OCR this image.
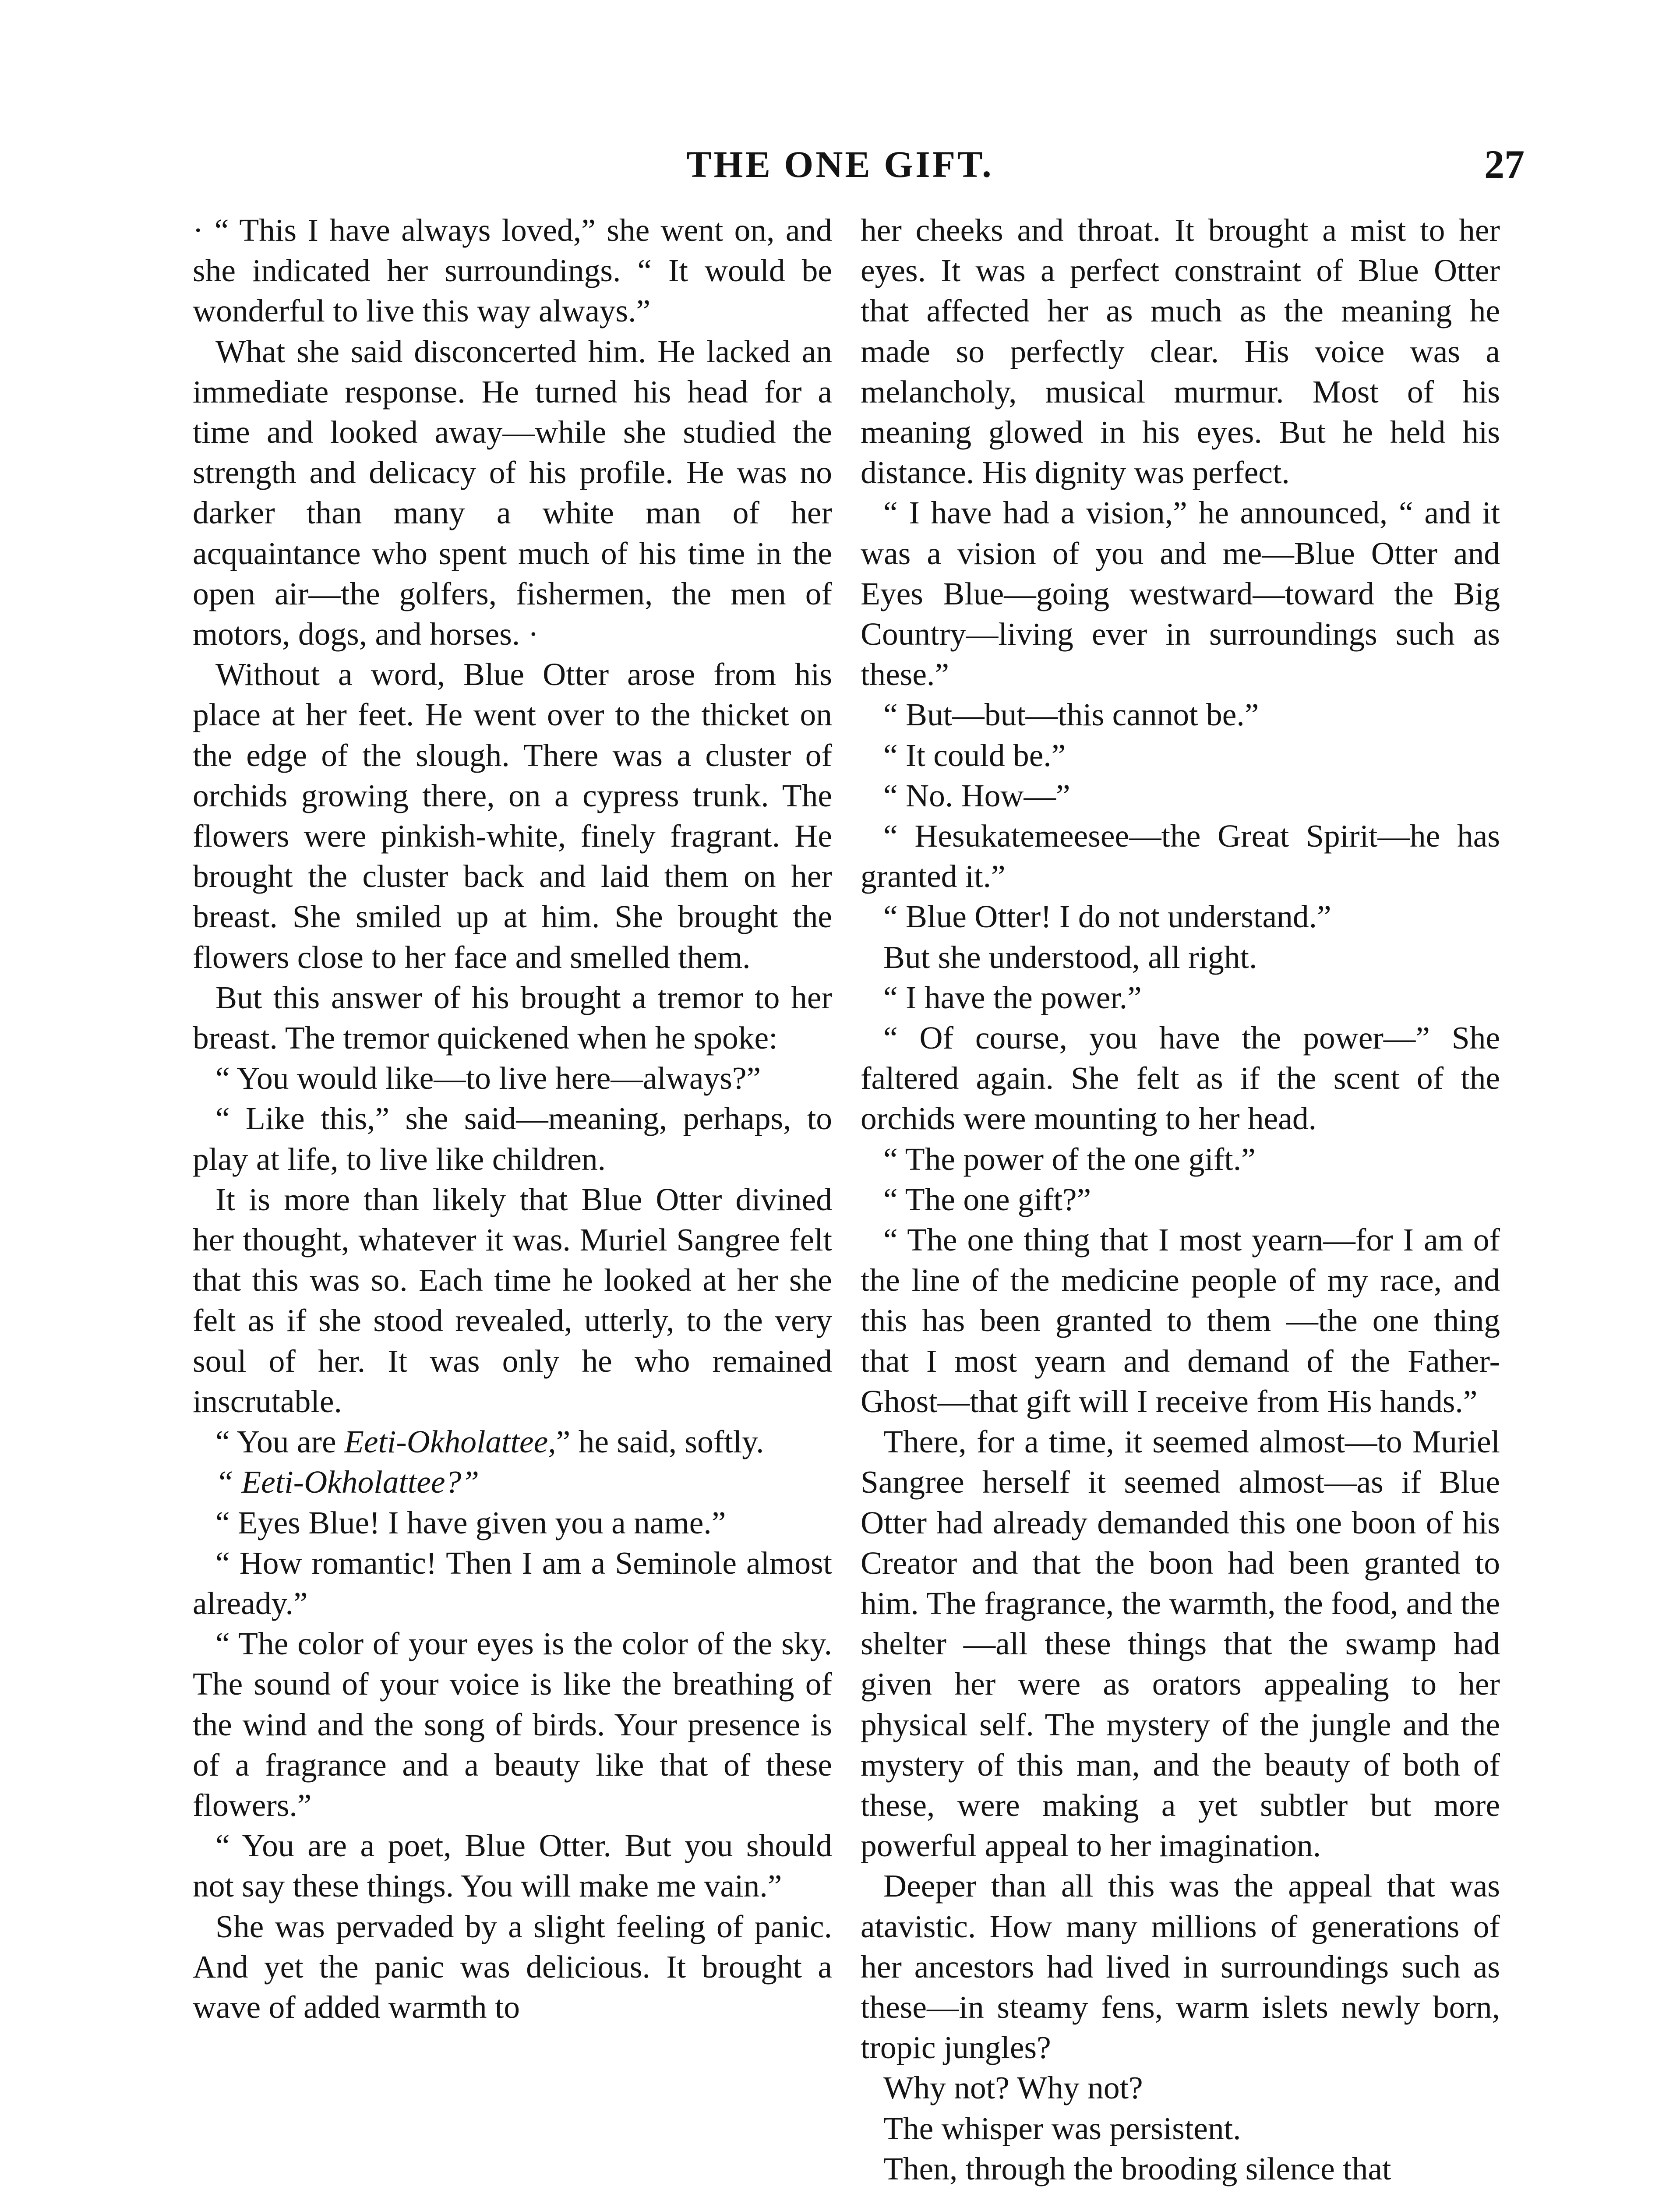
THE ONE GIFT.	27

· “ This I have always loved,” she went on, and she indicated her surroundings. “ It would be wonderful to live this way always.”

What she said disconcerted him. He lacked an immediate response. He turned his head for a time and looked away—while she studied the strength and delicacy of his profile. He was no darker than many a white man of her acquaintance who spent much of his time in the open air—the golfers, fishermen, the men of motors, dogs, and horses. ·

Without a word, Blue Otter arose from his place at her feet. He went over to the thicket on the edge of the slough. There was a cluster of orchids growing there, on a cypress trunk. The flowers were pinkish-white, finely fragrant. He brought the cluster back and laid them on her breast. She smiled up at him. She brought the flowers close to her face and smelled them.

But this answer of his brought a tremor to her breast. The tremor quickened when he spoke:

“ You would like—to live here—always?”

“ Like this,” she said—meaning, perhaps, to play at life, to live like children.

It is more than likely that Blue Otter divined her thought, whatever it was. Muriel Sangree felt that this was so. Each time he looked at her she felt as if she stood revealed, utterly, to the very soul of her. It was only he who remained inscrutable.

“ You are Eeti-Okholattee,” he said, softly.

“ Eeti-Okholattee?”

“ Eyes Blue! I have given you a name.”

“ How romantic! Then I am a Seminole almost already.”

“ The color of your eyes is the color of the sky. The sound of your voice is like the breathing of the wind and the song of birds. Your presence is of a fragrance and a beauty like that of these flowers.”

“ You are a poet, Blue Otter. But you should not say these things. You will make me vain.”

She was pervaded by a slight feeling of panic. And yet the panic was delicious. It brought a wave of added warmth to

her cheeks and throat. It brought a mist to her eyes. It was a perfect constraint of Blue Otter that affected her as much as the meaning he made so perfectly clear. His voice was a melancholy, musical murmur. Most of his meaning glowed in his eyes. But he held his distance. His dignity was perfect.

“ I have had a vision,” he announced, “ and it was a vision of you and me—Blue Otter and Eyes Blue—going westward—toward the Big Country—living ever in surroundings such as these.”

“ But—but—this cannot be.”

“ It could be.”

“ No. How—”

“ Hesukatemeesee—the Great Spirit—he has granted it.”

“ Blue Otter! I do not understand.”

But she understood, all right.

“ I have the power.”

“ Of course, you have the power—” She faltered again. She felt as if the scent of the orchids were mounting to her head.

“ The power of the one gift.”

“ The one gift?”

“ The one thing that I most yearn—for I am of the line of the medicine people of my race, and this has been granted to them —the one thing that I most yearn and demand of the Father-Ghost—that gift will I receive from His hands.”

There, for a time, it seemed almost—to Muriel Sangree herself it seemed almost—as if Blue Otter had already demanded this one boon of his Creator and that the boon had been granted to him. The fragrance, the warmth, the food, and the shelter —all these things that the swamp had given her were as orators appealing to her physical self. The mystery of the jungle and the mystery of this man, and the beauty of both of these, were making a yet subtler but more powerful appeal to her imagination.

Deeper than all this was the appeal that was atavistic. How many millions of generations of her ancestors had lived in surroundings such as these—in steamy fens, warm islets newly born, tropic jungles?

Why not? Why not?

The whisper was persistent.

Then, through the brooding silence that
